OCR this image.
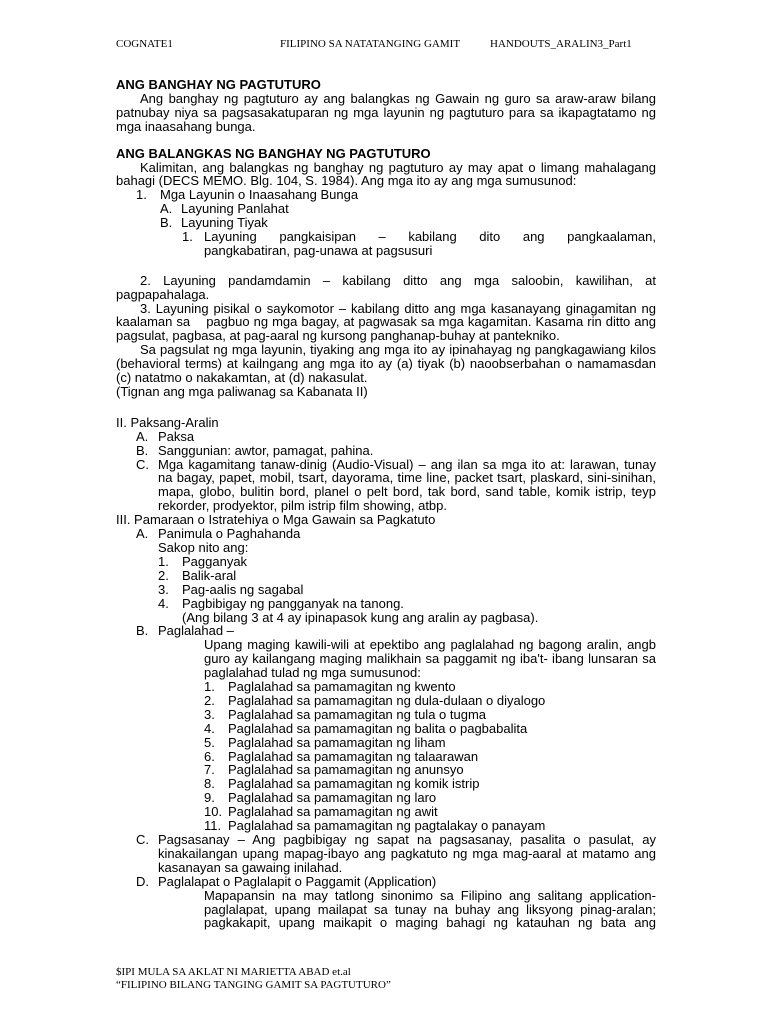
COGNATE1	FILIPINO SA NATATANGING GAMIT	HANDOUTS_ARALIN3_Part1
ANG BANGHAY NG PAGTUTURO
Ang banghay ng pagtuturo ay ang balangkas ng Gawain ng guro sa araw-araw bilang patnubay niya sa pagsasakatuparan ng mga layunin ng pagtuturo para sa ikapagtatamo ng mga inaasahang bunga.
ANG BALANGKAS NG BANGHAY NG PAGTUTURO
Kalimitan, ang balangkas ng banghay ng pagtuturo ay may apat o limang mahalagang bahagi (DECS MEMO. Blg. 104, S. 1984). Ang mga ito ay ang mga sumusunod:
1.	Mga Layunin o Inaasahang Bunga
A. Layuning Panlahat
B. Layuning Tiyak
1. Layuning pangkaisipan – kabilang dito ang pangkaalaman,
pangkabatiran, pag-unawa at pagsusuri
2. Layuning pandamdamin – kabilang ditto ang mga saloobin, kawilihan, at pagpapahalaga.
3. Layuning pisikal o saykomotor – kabilang ditto ang mga kasanayang ginagamitan ng kaalaman sa    pagbuo ng mga bagay, at pagwasak sa mga kagamitan. Kasama rin ditto ang pagsulat, pagbasa, at pag-aaral ng kursong panghanap-buhay at pantekniko.
Sa pagsulat ng mga layunin, tiyaking ang mga ito ay ipinahayag ng pangkagawiang kilos (behavioral terms) at kailngang ang mga ito ay (a) tiyak (b) naoobserbahan o namamasdan (c) natatmo o nakakamtan, at (d) nakasulat.
(Tignan ang mga paliwanag sa Kabanata II)
II. Paksang-Aralin
A. Paksa
B. Sanggunian: awtor, pamagat, pahina.
C. Mga kagamitang tanaw-dinig (Audio-Visual) – ang ilan sa mga ito at: larawan, tunay na bagay, papet, mobil, tsart, dayorama, time line, packet tsart, plaskard, sini-sinihan, mapa, globo, bulitin bord, planel o pelt bord, tak bord, sand table, komik istrip, teyp rekorder, prodyektor, pilm istrip film showing, atbp.
III. Pamaraan o Istratehiya o Mga Gawain sa Pagkatuto
A. Panimula o Paghahanda
Sakop nito ang:
1.	Pagganyak
2.	Balik-aral
3.	Pag-aalis ng sagabal
4.	Pagbibigay ng pangganyak na tanong.
(Ang bilang 3 at 4 ay ipinapasok kung ang aralin ay pagbasa).
B. Paglalahad –
Upang maging kawili-wili at epektibo ang paglalahad ng bagong aralin, angb guro ay kailangang maging malikhain sa paggamit ng iba't- ibang lunsaran sa paglalahad tulad ng mga sumusunod:
1.	Paglalahad sa pamamagitan ng kwento
2.	Paglalahad sa pamamagitan ng dula-dulaan o diyalogo
3.	Paglalahad sa pamamagitan ng tula o tugma
4.	Paglalahad sa pamamagitan ng balita o pagbabalita
5.	Paglalahad sa pamamagitan ng liham
6.	Paglalahad sa pamamagitan ng talaarawan
7.	Paglalahad sa pamamagitan ng anunsyo
8.	Paglalahad sa pamamagitan ng komik istrip
9.	Paglalahad sa pamamagitan ng laro
10. Paglalahad sa pamamagitan ng awit
11. Paglalahad sa pamamagitan ng pagtalakay o panayam
C. Pagsasanay – Ang pagbibigay ng sapat na pagsasanay, pasalita o pasulat, ay kinakailangan upang mapag-ibayo ang pagkatuto ng mga mag-aaral at matamo ang kasanayan sa gawaing inilahad.
D. Paglalapat o Paglalapit o Paggamit (Application)
Mapapansin na may tatlong sinonimo sa Filipino ang salitang application- paglalapat, upang mailapat sa tunay na buhay ang liksyong pinag-aralan; pagkakapit, upang maikapit o maging bahagi ng katauhan ng bata ang
$IPI MULA SA AKLAT NI MARIETTA ABAD et.al
“FILIPINO BILANG TANGING GAMIT SA PAGTUTURO”
